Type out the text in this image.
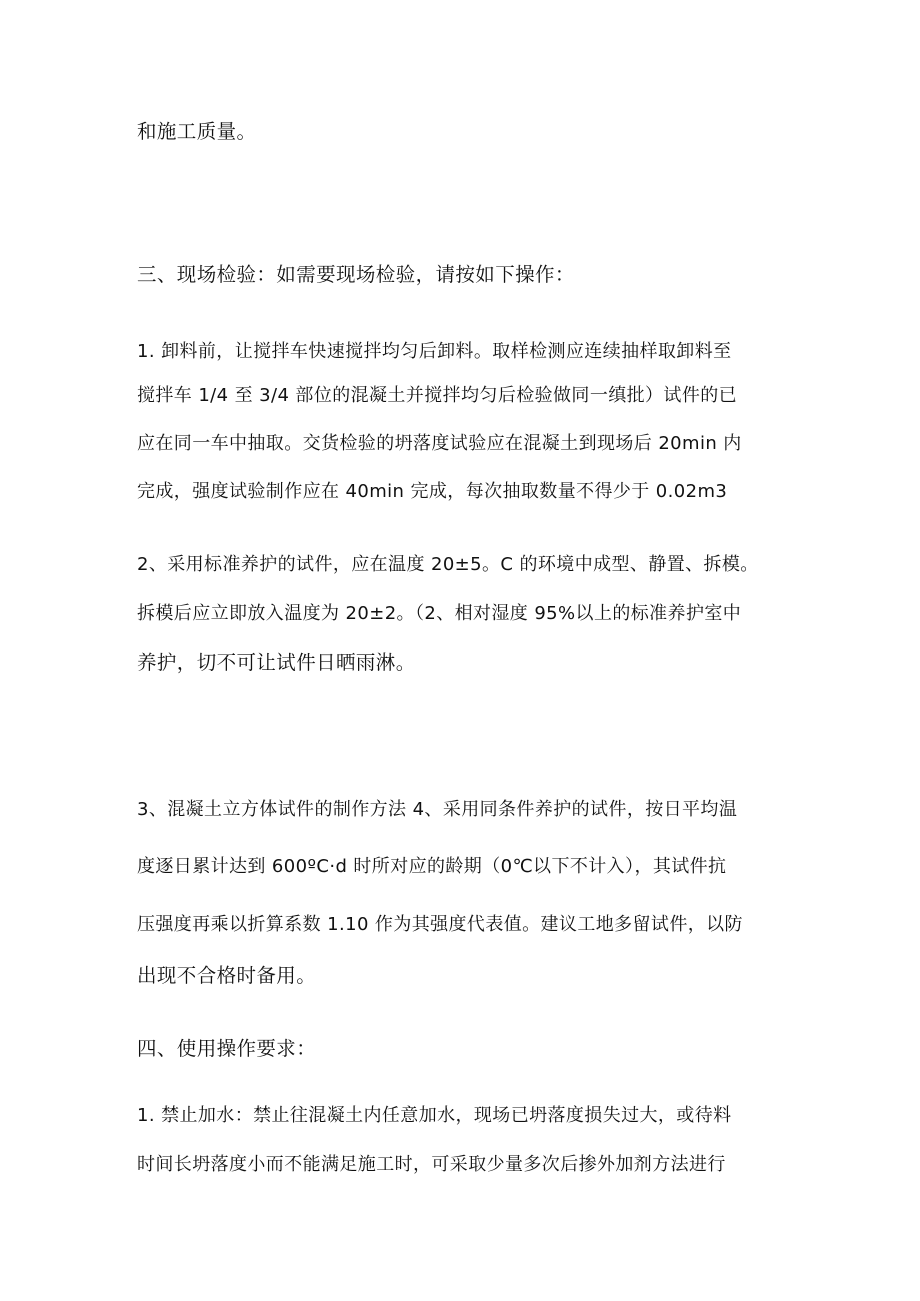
和施工质量。

三、现场检验：如需要现场检验，请按如下操作：

1. 卸料前，让搅拌车快速搅拌均匀后卸料。取样检测应连续抽样取卸料至

搅拌车 1/4 至 3/4 部位的混凝土并搅拌均匀后检验做同一缜批）试件的已

应在同一车中抽取。交货检验的坍落度试验应在混凝土到现场后 20min 内

完成，强度试验制作应在 40min 完成，每次抽取数量不得少于 0.02m3

2、采用标准养护的试件，应在温度 20±5。C 的环境中成型、静置、拆模。

拆模后应立即放入温度为 20±2。（2、相对湿度 95%以上的标准养护室中

养护，切不可让试件日晒雨淋。

3、混凝土立方体试件的制作方法 4、采用同条件养护的试件，按日平均温

度逐日累计达到 600ºC·d 时所对应的龄期（0℃以下不计入），其试件抗

压强度再乘以折算系数 1.10 作为其强度代表值。建议工地多留试件，以防

出现不合格时备用。

四、使用操作要求：

1. 禁止加水：禁止往混凝土内任意加水，现场已坍落度损失过大，或待料

时间长坍落度小而不能满足施工时，可采取少量多次后掺外加剂方法进行
